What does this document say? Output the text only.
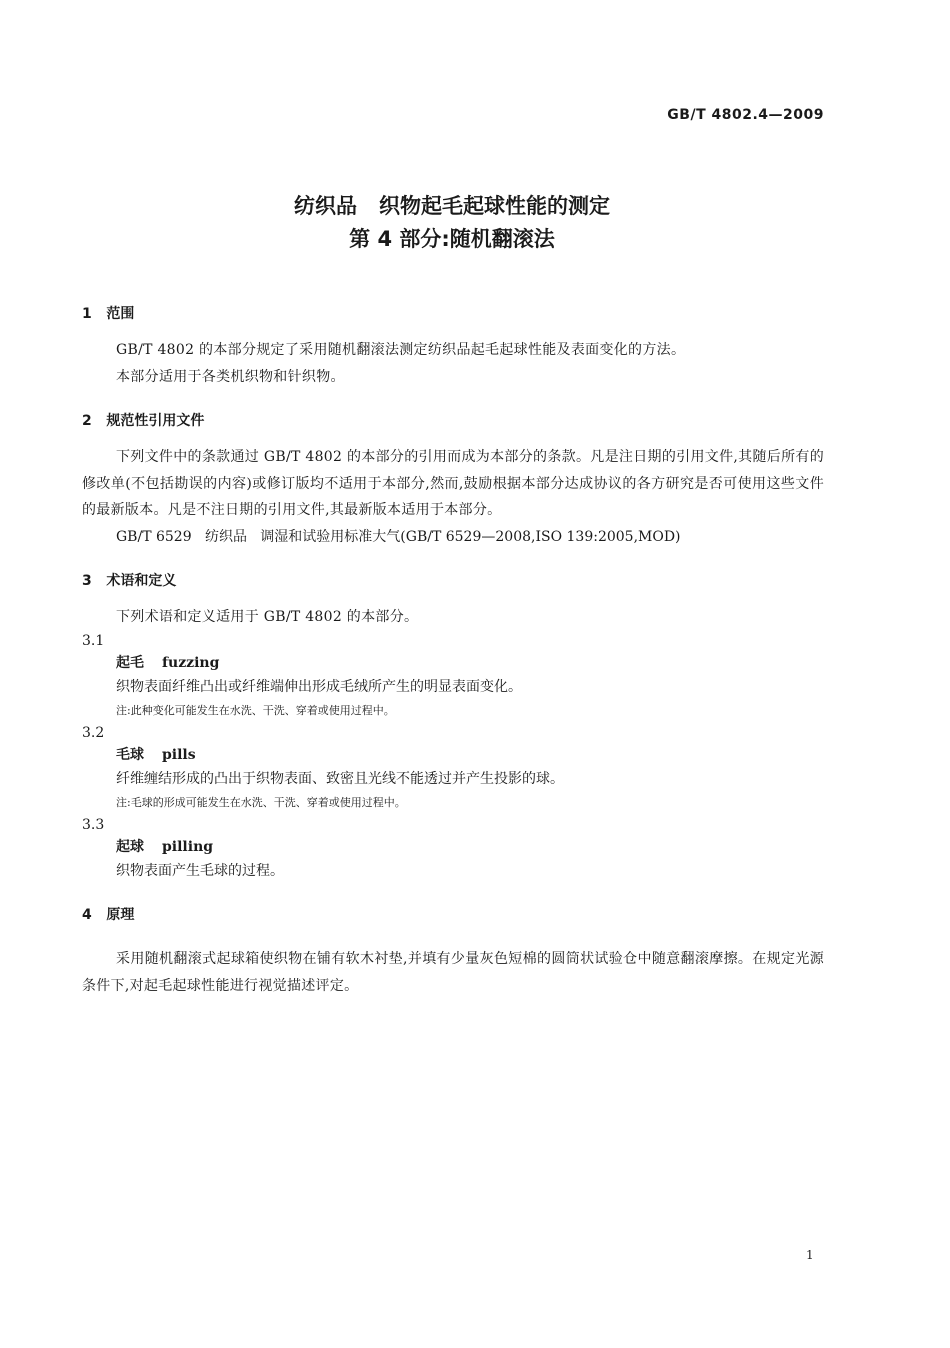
GB/T 4802.4—2009
纺织品   织物起毛起球性能的测定
第 4 部分:随机翻滚法
1   范围

GB/T 4802 的本部分规定了采用随机翻滚法测定纺织品起毛起球性能及表面变化的方法。

本部分适用于各类机织物和针织物。

2   规范性引用文件

下列文件中的条款通过 GB/T 4802 的本部分的引用而成为本部分的条款。凡是注日期的引用文件,其随后所有的修改单(不包括勘误的内容)或修订版均不适用于本部分,然而,鼓励根据本部分达成协议的各方研究是否可使用这些文件的最新版本。凡是不注日期的引用文件,其最新版本适用于本部分。

GB/T 6529   纺织品   调湿和试验用标准大气(GB/T 6529—2008,ISO 139:2005,MOD)

3   术语和定义

下列术语和定义适用于 GB/T 4802 的本部分。

3.1

起毛 fuzzing

织物表面纤维凸出或纤维端伸出形成毛绒所产生的明显表面变化。

注:此种变化可能发生在水洗、干洗、穿着或使用过程中。

3.2

毛球 pills

纤维缠结形成的凸出于织物表面、致密且光线不能透过并产生投影的球。

注:毛球的形成可能发生在水洗、干洗、穿着或使用过程中。

3.3

起球 pilling

织物表面产生毛球的过程。

4   原理

采用随机翻滚式起球箱使织物在铺有软木衬垫,并填有少量灰色短棉的圆筒状试验仓中随意翻滚摩擦。在规定光源条件下,对起毛起球性能进行视觉描述评定。

1
